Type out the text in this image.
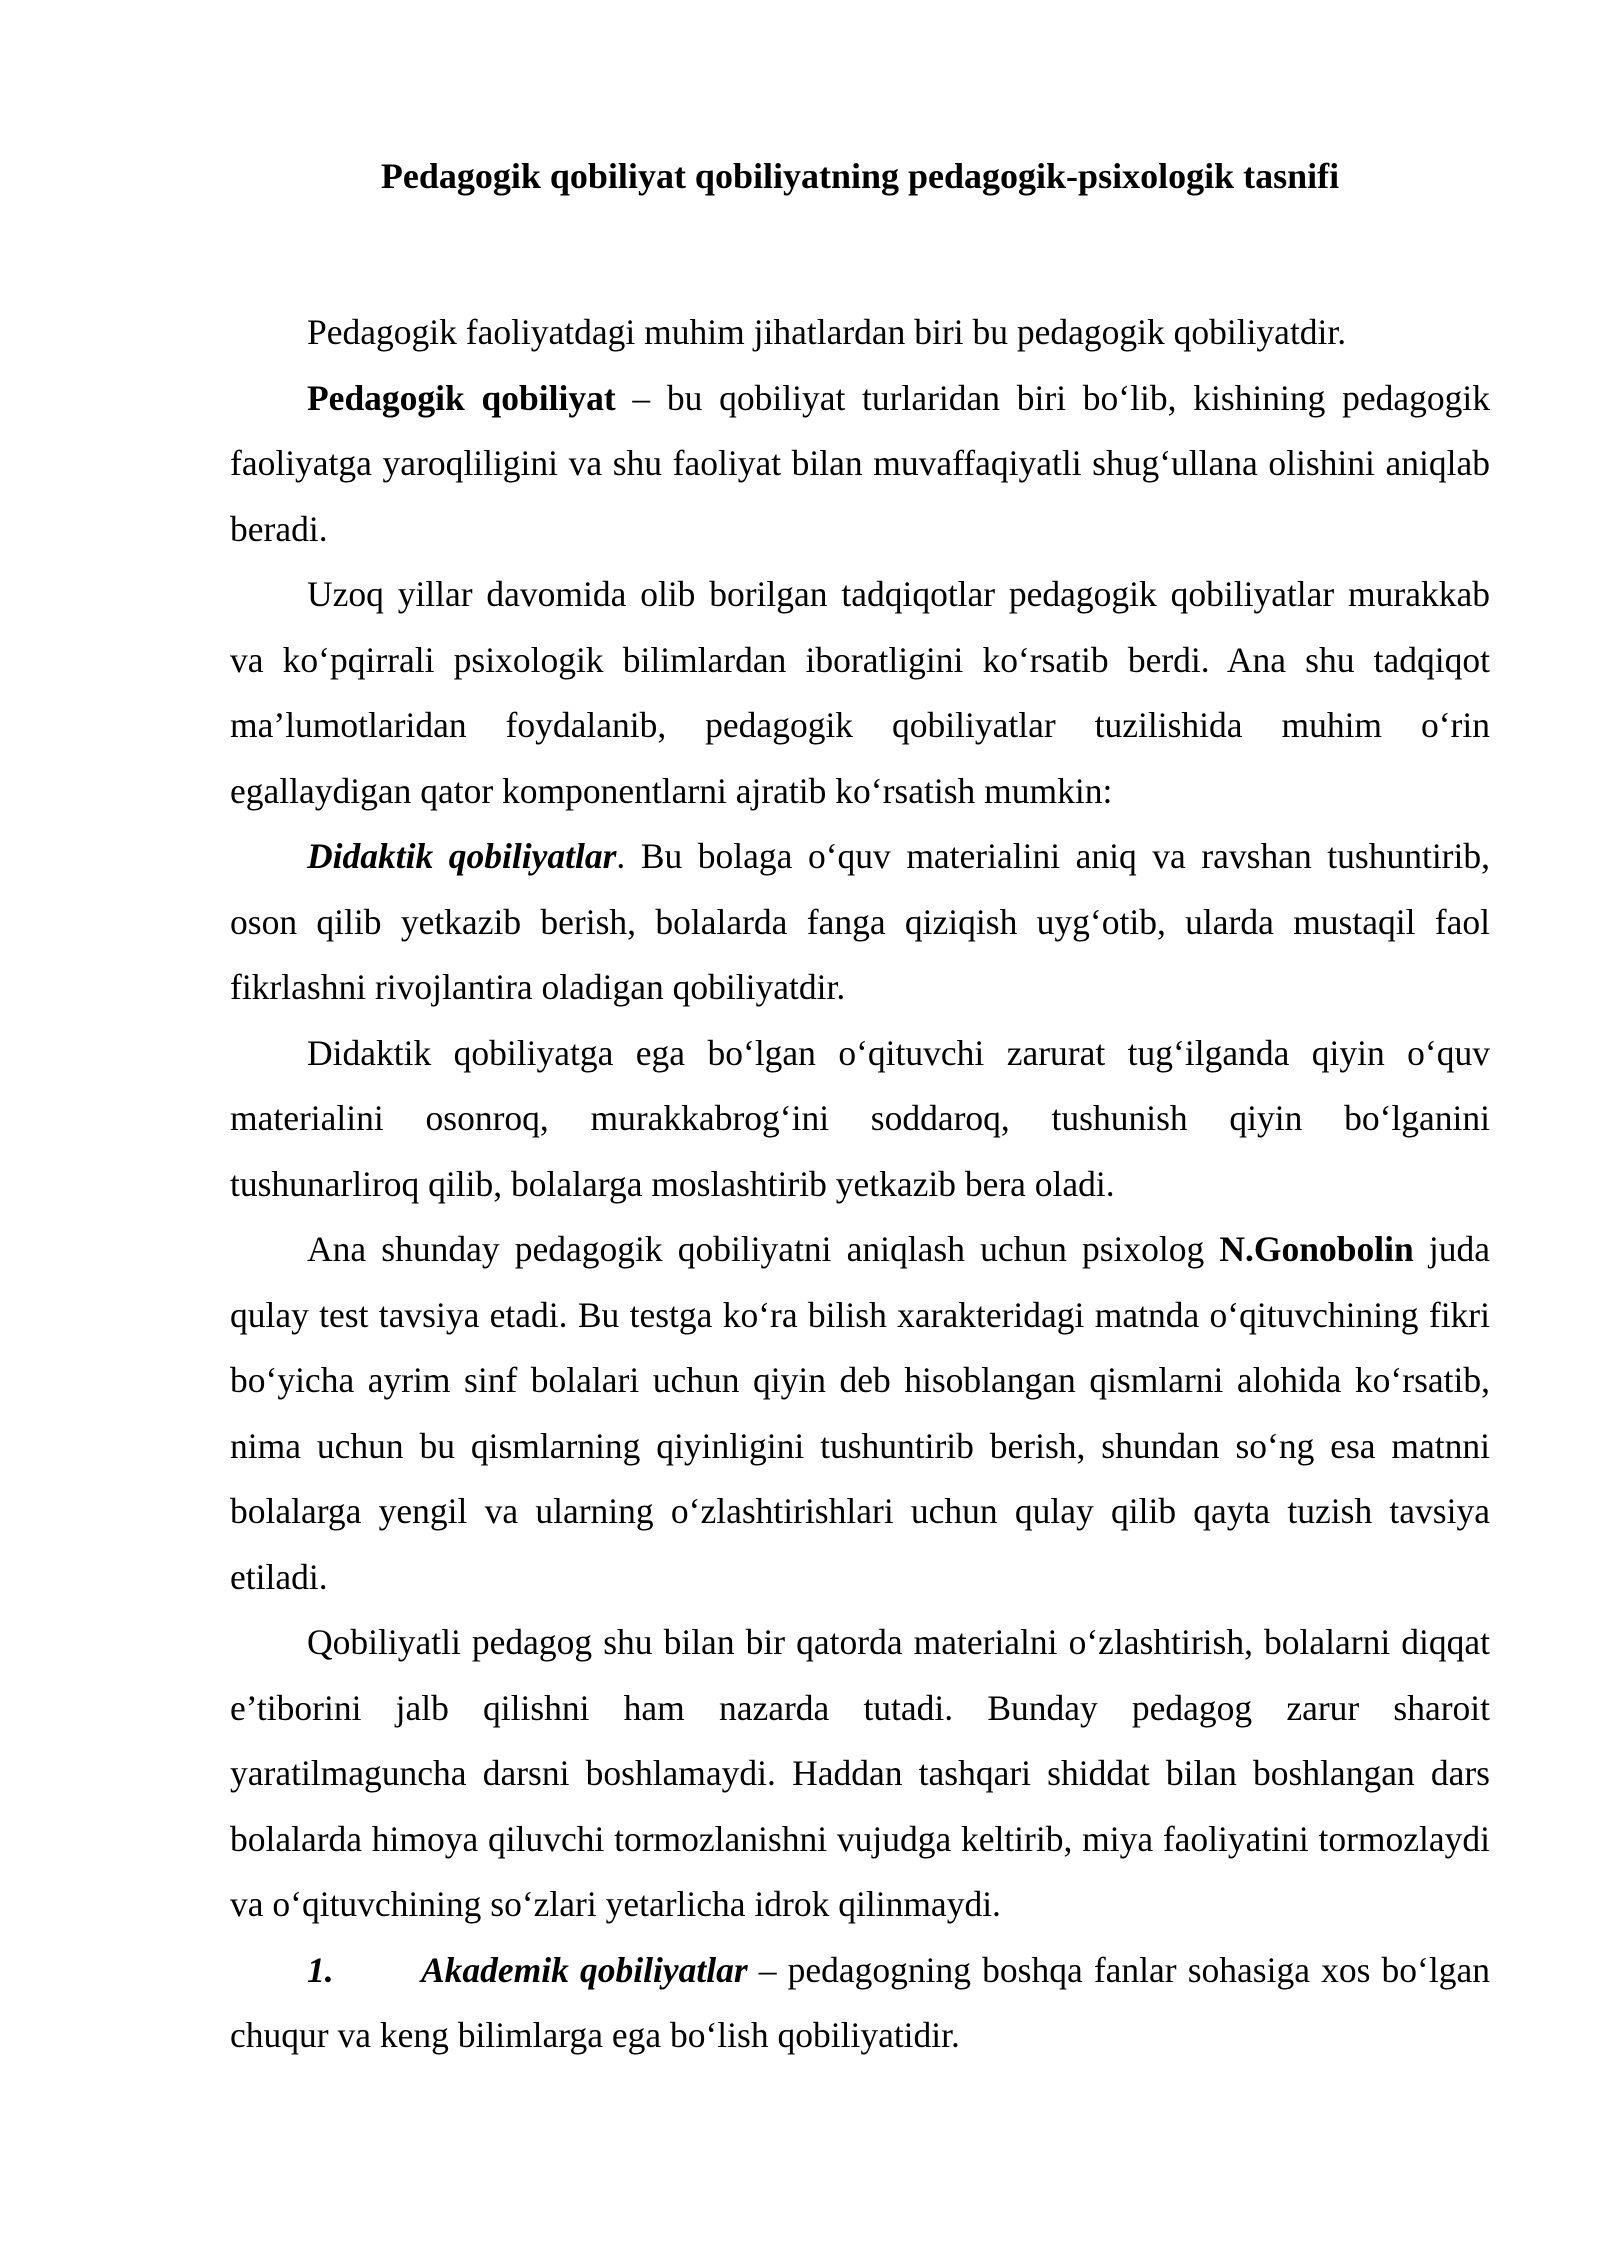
Pedagogik qobiliyat qobiliyatning pedagogik-psixologik tasnifi

Pedagogik faoliyatdagi muhim jihatlardan biri bu pedagogik qobiliyatdir.

Pedagogik qobiliyat – bu qobiliyat turlaridan biri bo‘lib, kishining pedagogik faoliyatga yaroqliligini va shu faoliyat bilan muvaffaqiyatli shug‘ullana olishini aniqlab beradi.

Uzoq yillar davomida olib borilgan tadqiqotlar pedagogik qobiliyatlar murakkab va ko‘pqirrali psixologik bilimlardan iboratligini ko‘rsatib berdi. Ana shu tadqiqot ma’lumotlaridan foydalanib, pedagogik qobiliyatlar tuzilishida muhim o‘rin egallaydigan qator komponentlarni ajratib ko‘rsatish mumkin:

Didaktik qobiliyatlar. Bu bolaga o‘quv materialini aniq va ravshan tushuntirib, oson qilib yetkazib berish, bolalarda fanga qiziqish uyg‘otib, ularda mustaqil faol fikrlashni rivojlantira oladigan qobiliyatdir.

Didaktik qobiliyatga ega bo‘lgan o‘qituvchi zarurat tug‘ilganda qiyin o‘quv materialini osonroq, murakkabrog‘ini soddaroq, tushunish qiyin bo‘lganini tushunarliroq qilib, bolalarga moslashtirib yetkazib bera oladi.

Ana shunday pedagogik qobiliyatni aniqlash uchun psixolog N.Gonobolin juda qulay test tavsiya etadi. Bu testga ko‘ra bilish xarakteridagi matnda o‘qituvchining fikri bo‘yicha ayrim sinf bolalari uchun qiyin deb hisoblangan qismlarni alohida ko‘rsatib, nima uchun bu qismlarning qiyinligini tushuntirib berish, shundan so‘ng esa matnni bolalarga yengil va ularning o‘zlashtirishlari uchun qulay qilib qayta tuzish tavsiya etiladi.

Qobiliyatli pedagog shu bilan bir qatorda materialni o‘zlashtirish, bolalarni diqqat e’tiborini jalb qilishni ham nazarda tutadi. Bunday pedagog zarur sharoit yaratilmaguncha darsni boshlamaydi. Haddan tashqari shiddat bilan boshlangan dars bolalarda himoya qiluvchi tormozlanishni vujudga keltirib, miya faoliyatini tormozlaydi va o‘qituvchining so‘zlari yetarlicha idrok qilinmaydi.

1. Akademik qobiliyatlar – pedagogning boshqa fanlar sohasiga xos bo‘lgan chuqur va keng bilimlarga ega bo‘lish qobiliyatidir.
